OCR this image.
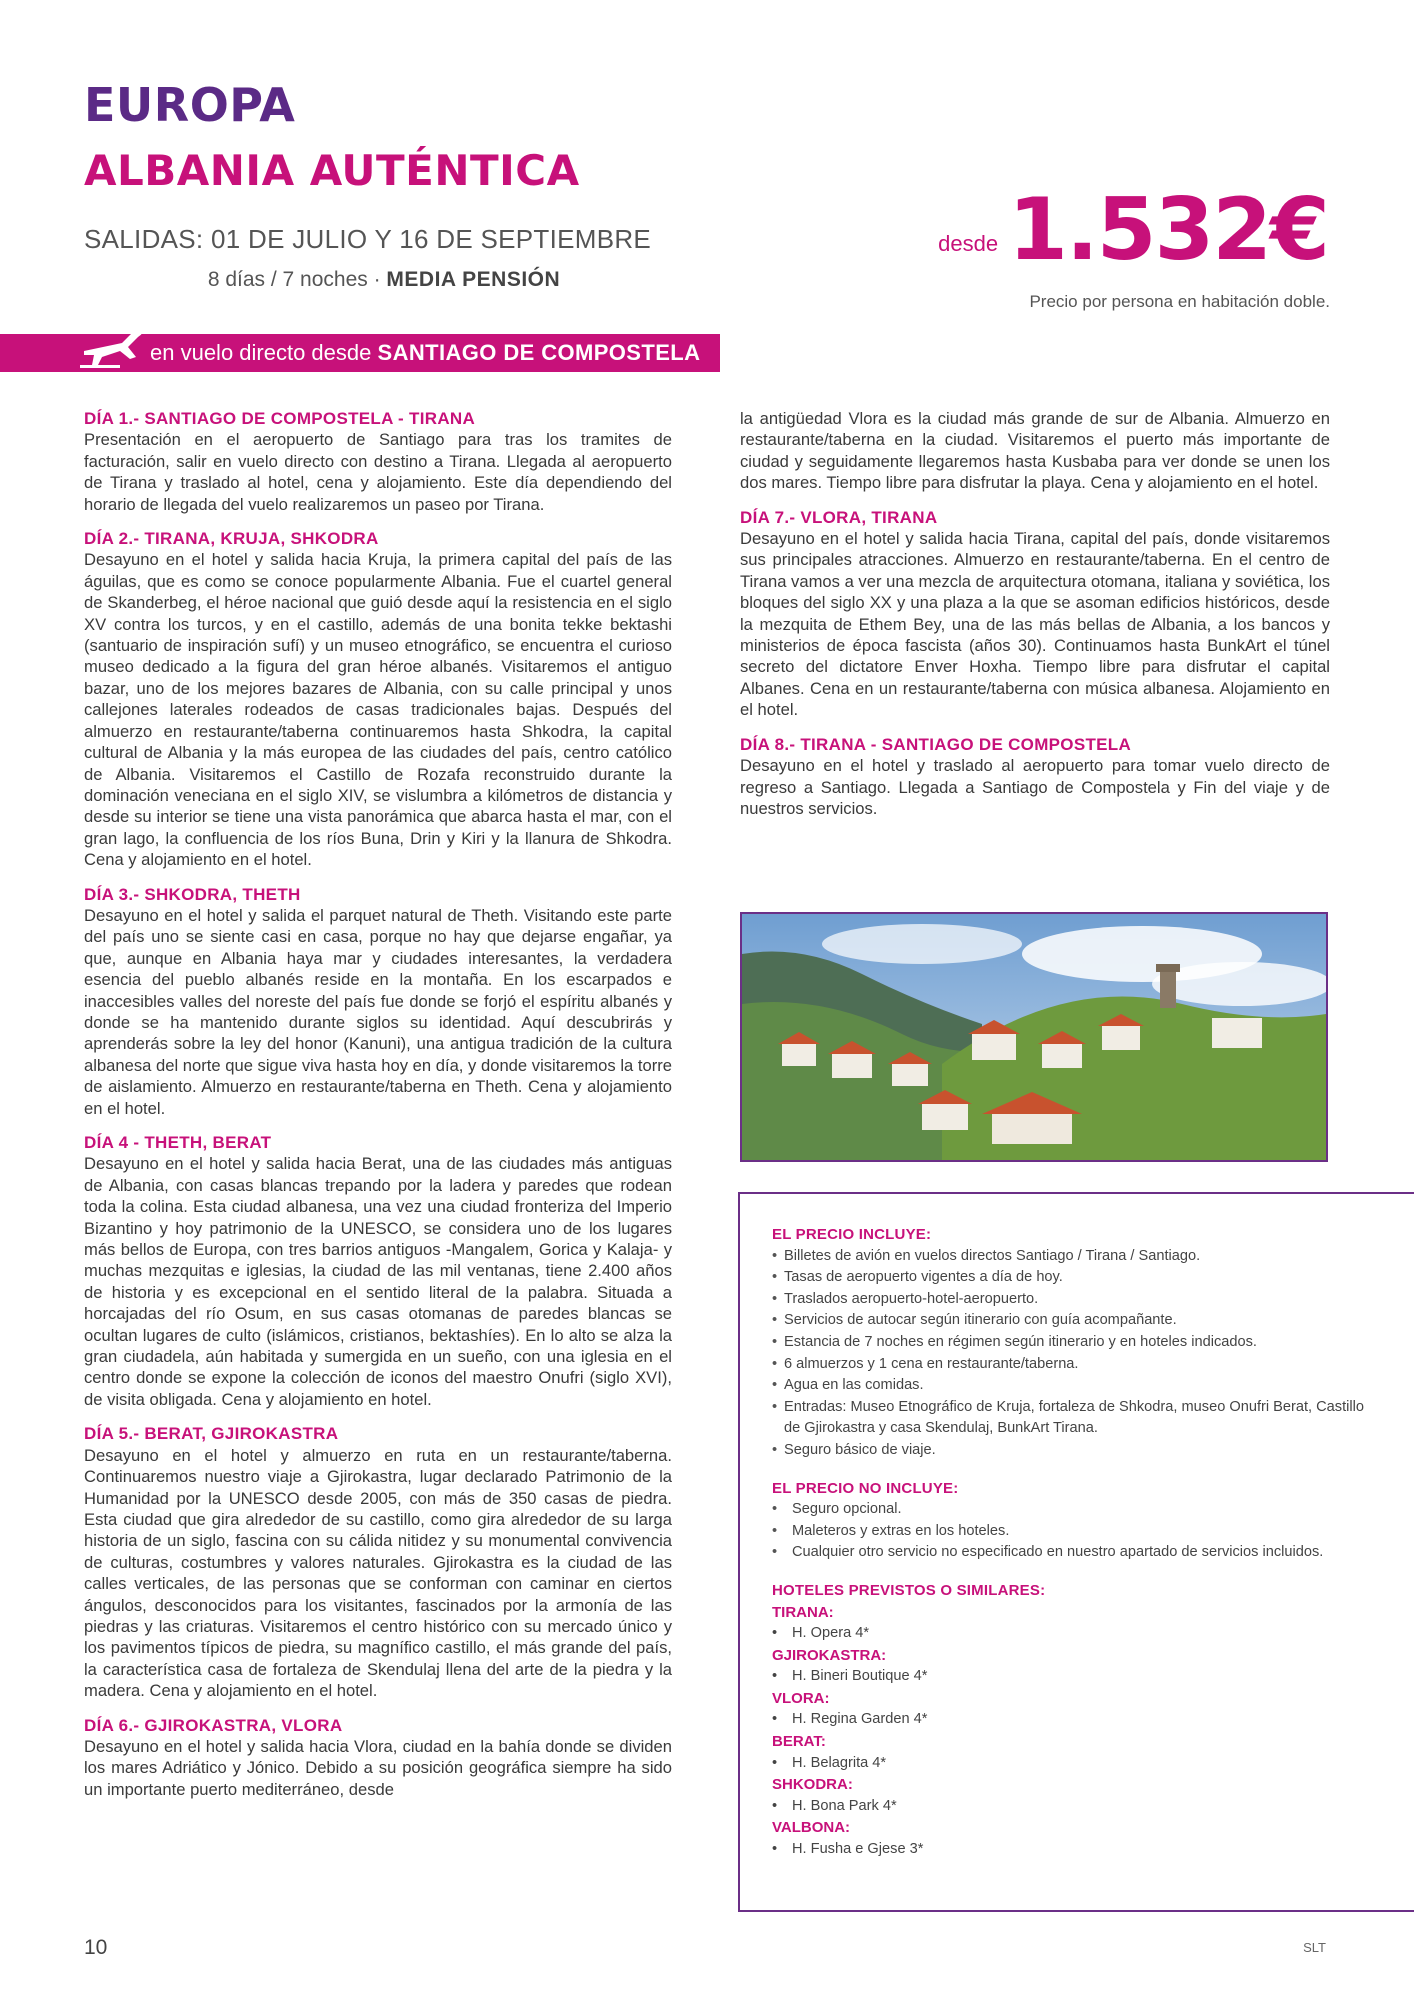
EUROPA
ALBANIA AUTÉNTICA
SALIDAS: 01 DE JULIO Y 16 DE SEPTIEMBRE
8 días / 7 noches · MEDIA PENSIÓN
desde 1.532€
Precio por persona en habitación doble.
en vuelo directo desde SANTIAGO DE COMPOSTELA
DÍA 1.- SANTIAGO DE COMPOSTELA - TIRANA
Presentación en el aeropuerto de Santiago para tras los tramites de facturación, salir en vuelo directo con destino a Tirana. Llegada al aeropuerto de Tirana y traslado al hotel, cena y alojamiento. Este día dependiendo del horario de llegada del vuelo realizaremos un paseo por Tirana.
DÍA 2.- TIRANA, KRUJA, SHKODRA
Desayuno en el hotel y salida hacia Kruja, la primera capital del país de las águilas, que es como se conoce popularmente Albania. Fue el cuartel general de Skanderbeg, el héroe nacional que guió desde aquí la resistencia en el siglo XV contra los turcos, y en el castillo, además de una bonita tekke bektashi (santuario de inspiración sufí) y un museo etnográfico, se encuentra el curioso museo dedicado a la figura del gran héroe albanés. Visitaremos el antiguo bazar, uno de los mejores bazares de Albania, con su calle principal y unos callejones laterales rodeados de casas tradicionales bajas. Después del almuerzo en restaurante/taberna continuaremos hasta Shkodra, la capital cultural de Albania y la más europea de las ciudades del país, centro católico de Albania. Visitaremos el Castillo de Rozafa reconstruido durante la dominación veneciana en el siglo XIV, se vislumbra a kilómetros de distancia y desde su interior se tiene una vista panorámica que abarca hasta el mar, con el gran lago, la confluencia de los ríos Buna, Drin y Kiri y la llanura de Shkodra. Cena y alojamiento en el hotel.
DÍA 3.- SHKODRA, THETH
Desayuno en el hotel y salida el parquet natural de Theth. Visitando este parte del país uno se siente casi en casa, porque no hay que dejarse engañar, ya que, aunque en Albania haya mar y ciudades interesantes, la verdadera esencia del pueblo albanés reside en la montaña. En los escarpados e inaccesibles valles del noreste del país fue donde se forjó el espíritu albanés y donde se ha mantenido durante siglos su identidad. Aquí descubrirás y aprenderás sobre la ley del honor (Kanuni), una antigua tradición de la cultura albanesa del norte que sigue viva hasta hoy en día, y donde visitaremos la torre de aislamiento. Almuerzo en restaurante/taberna en Theth. Cena y alojamiento en el hotel.
DÍA 4 - THETH, BERAT
Desayuno en el hotel y salida hacia Berat, una de las ciudades más antiguas de Albania, con casas blancas trepando por la ladera y paredes que rodean toda la colina. Esta ciudad albanesa, una vez una ciudad fronteriza del Imperio Bizantino y hoy patrimonio de la UNESCO, se considera uno de los lugares más bellos de Europa, con tres barrios antiguos -Mangalem, Gorica y Kalaja- y muchas mezquitas e iglesias, la ciudad de las mil ventanas, tiene 2.400 años de historia y es excepcional en el sentido literal de la palabra. Situada a horcajadas del río Osum, en sus casas otomanas de paredes blancas se ocultan lugares de culto (islámicos, cristianos, bektashíes). En lo alto se alza la gran ciudadela, aún habitada y sumergida en un sueño, con una iglesia en el centro donde se expone la colección de iconos del maestro Onufri (siglo XVI), de visita obligada. Cena y alojamiento en hotel.
DÍA 5.- BERAT, GJIROKASTRA
Desayuno en el hotel y almuerzo en ruta en un restaurante/taberna. Continuaremos nuestro viaje a Gjirokastra, lugar declarado Patrimonio de la Humanidad por la UNESCO desde 2005, con más de 350 casas de piedra. Esta ciudad que gira alrededor de su castillo, como gira alrededor de su larga historia de un siglo, fascina con su cálida nitidez y su monumental convivencia de culturas, costumbres y valores naturales. Gjirokastra es la ciudad de las calles verticales, de las personas que se conforman con caminar en ciertos ángulos, desconocidos para los visitantes, fascinados por la armonía de las piedras y las criaturas. Visitaremos el centro histórico con su mercado único y los pavimentos típicos de piedra, su magnífico castillo, el más grande del país, la característica casa de fortaleza de Skendulaj llena del arte de la piedra y la madera. Cena y alojamiento en el hotel.
DÍA 6.- GJIROKASTRA, VLORA
Desayuno en el hotel y salida hacia Vlora, ciudad en la bahía donde se dividen los mares Adriático y Jónico. Debido a su posición geográfica siempre ha sido un importante puerto mediterráneo, desde
la antigüedad Vlora es la ciudad más grande de sur de Albania. Almuerzo en restaurante/taberna en la ciudad. Visitaremos el puerto más importante de ciudad y seguidamente llegaremos hasta Kusbaba para ver donde se unen los dos mares. Tiempo libre para disfrutar la playa. Cena y alojamiento en el hotel.
DÍA 7.- VLORA, TIRANA
Desayuno en el hotel y salida hacia Tirana, capital del país, donde visitaremos sus principales atracciones. Almuerzo en restaurante/taberna. En el centro de Tirana vamos a ver una mezcla de arquitectura otomana, italiana y soviética, los bloques del siglo XX y una plaza a la que se asoman edificios históricos, desde la mezquita de Ethem Bey, una de las más bellas de Albania, a los bancos y ministerios de época fascista (años 30). Continuamos hasta BunkArt el túnel secreto del dictatore Enver Hoxha. Tiempo libre para disfrutar el capital Albanes. Cena en un restaurante/taberna con música albanesa. Alojamiento en el hotel.
DÍA 8.- TIRANA - SANTIAGO DE COMPOSTELA
Desayuno en el hotel y traslado al aeropuerto para tomar vuelo directo de regreso a Santiago. Llegada a Santiago de Compostela y Fin del viaje y de nuestros servicios.
EL PRECIO INCLUYE:
• Billetes de avión en vuelos directos Santiago / Tirana / Santiago.
• Tasas de aeropuerto vigentes a día de hoy.
• Traslados aeropuerto-hotel-aeropuerto.
• Servicios de autocar según itinerario con guía acompañante.
• Estancia de 7 noches en régimen según itinerario y en hoteles indicados.
• 6 almuerzos y 1 cena en restaurante/taberna.
• Agua en las comidas.
• Entradas: Museo Etnográfico de Kruja, fortaleza de Shkodra, museo Onufri Berat, Castillo de Gjirokastra y casa Skendulaj, BunkArt Tirana.
• Seguro básico de viaje.
EL PRECIO NO INCLUYE:
• Seguro opcional.
• Maleteros y extras en los hoteles.
• Cualquier otro servicio no especificado en nuestro apartado de servicios incluidos.
HOTELES PREVISTOS O SIMILARES:
TIRANA:
• H. Opera 4*
GJIROKASTRA:
• H. Bineri Boutique 4*
VLORA:
• H. Regina Garden 4*
BERAT:
• H. Belagrita 4*
SHKODRA:
• H. Bona Park 4*
VALBONA:
• H. Fusha e Gjese 3*
10	SLT
